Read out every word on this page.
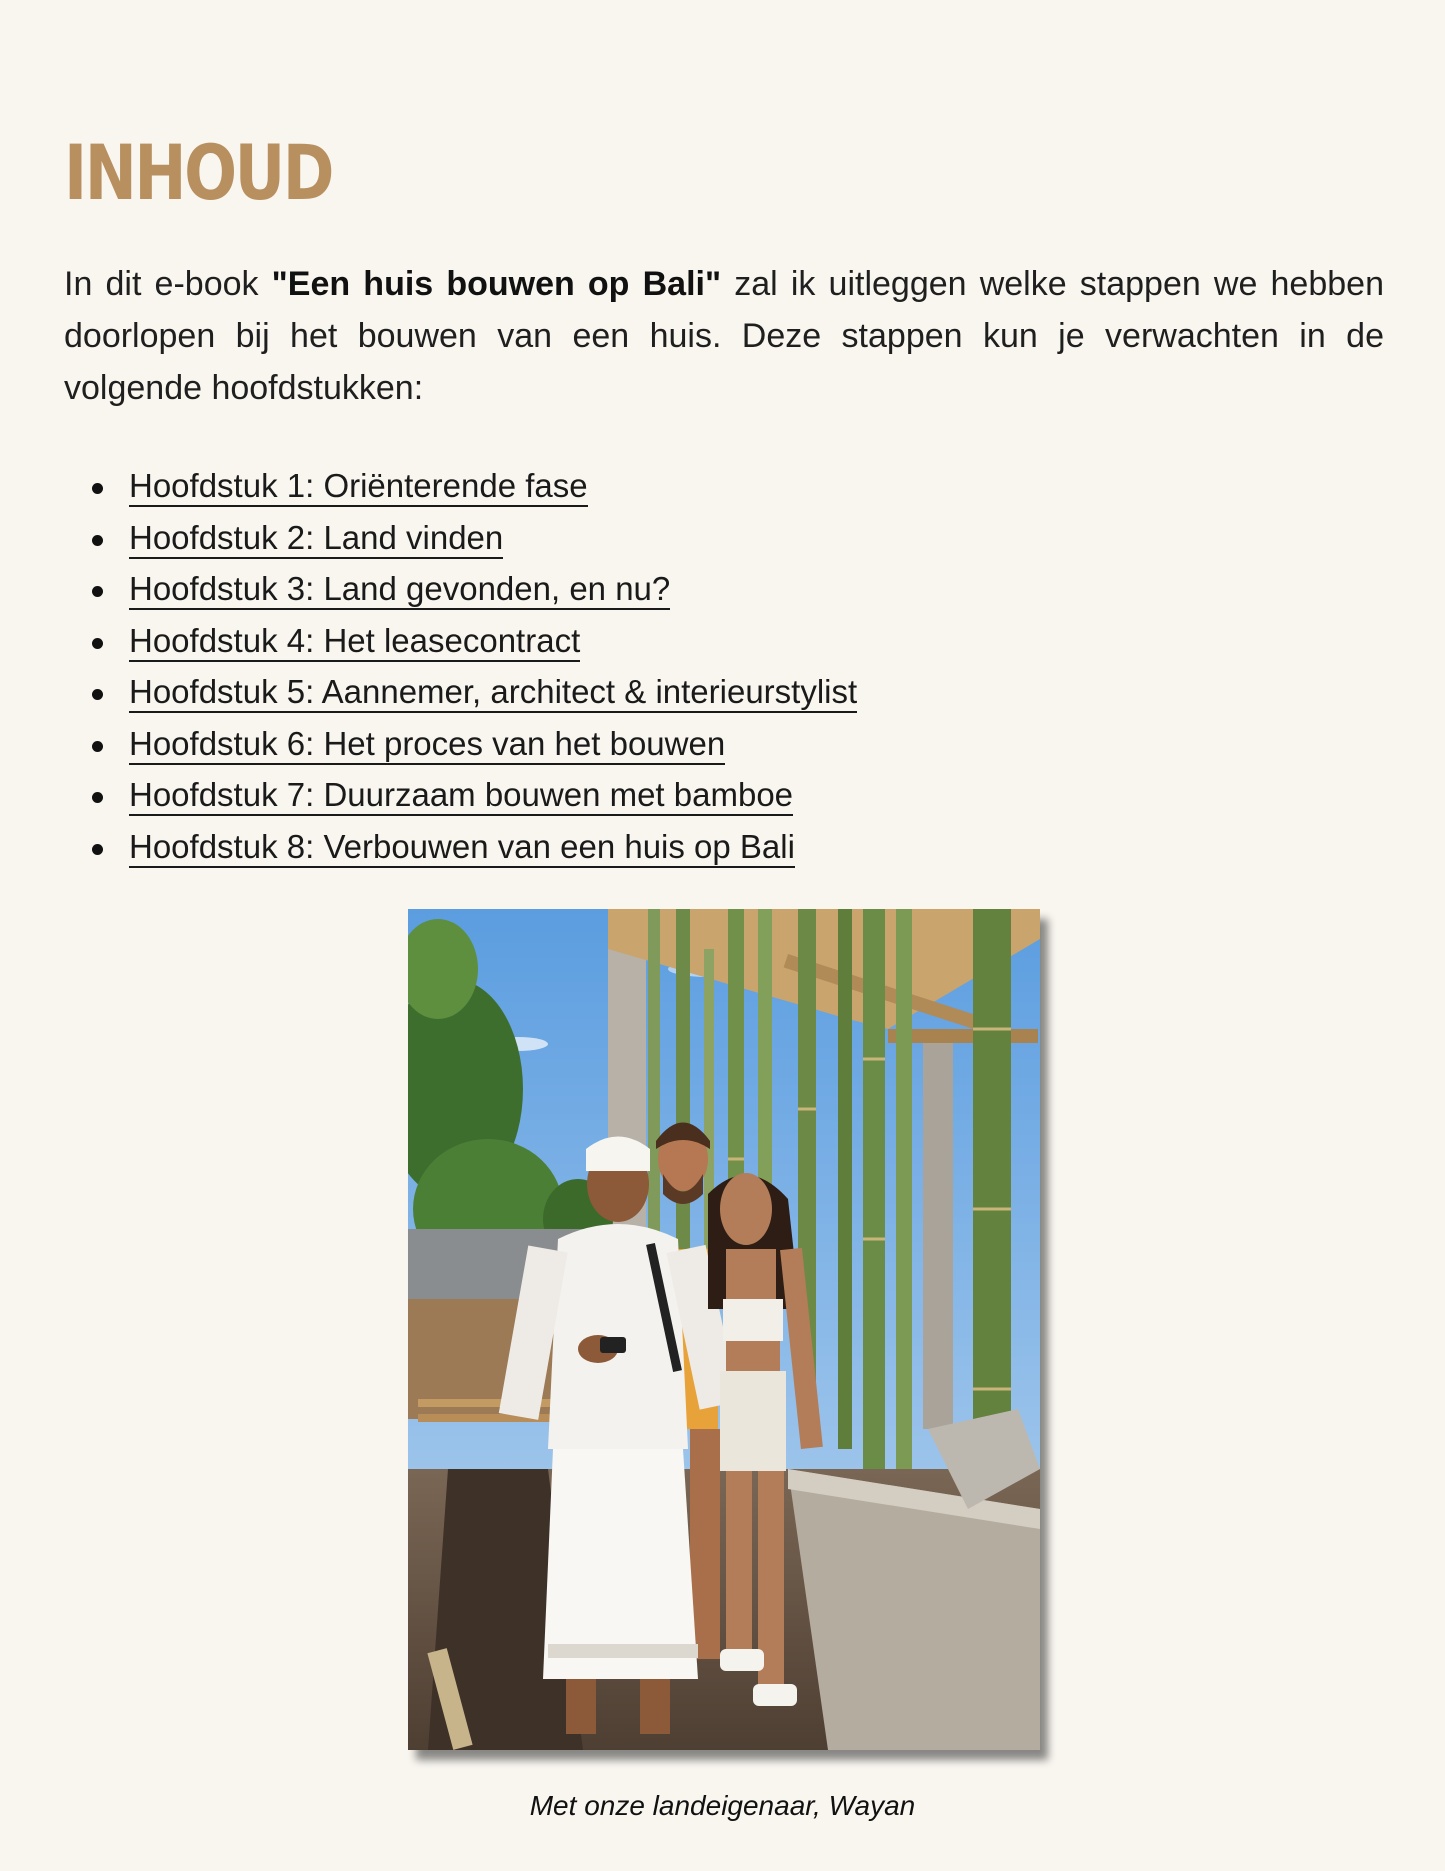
INHOUD

In dit e-book "Een huis bouwen op Bali" zal ik uitleggen welke stappen we hebben doorlopen bij het bouwen van een huis. Deze stappen kun je verwachten in de volgende hoofdstukken:

Hoofdstuk 1: Oriënterende fase
Hoofdstuk 2: Land vinden
Hoofdstuk 3: Land gevonden, en nu?
Hoofdstuk 4: Het leasecontract
Hoofdstuk 5: Aannemer, architect & interieurstylist
Hoofdstuk 6: Het proces van het bouwen
Hoofdstuk 7: Duurzaam bouwen met bamboe
Hoofdstuk 8: Verbouwen van een huis op Bali

Met onze landeigenaar, Wayan
